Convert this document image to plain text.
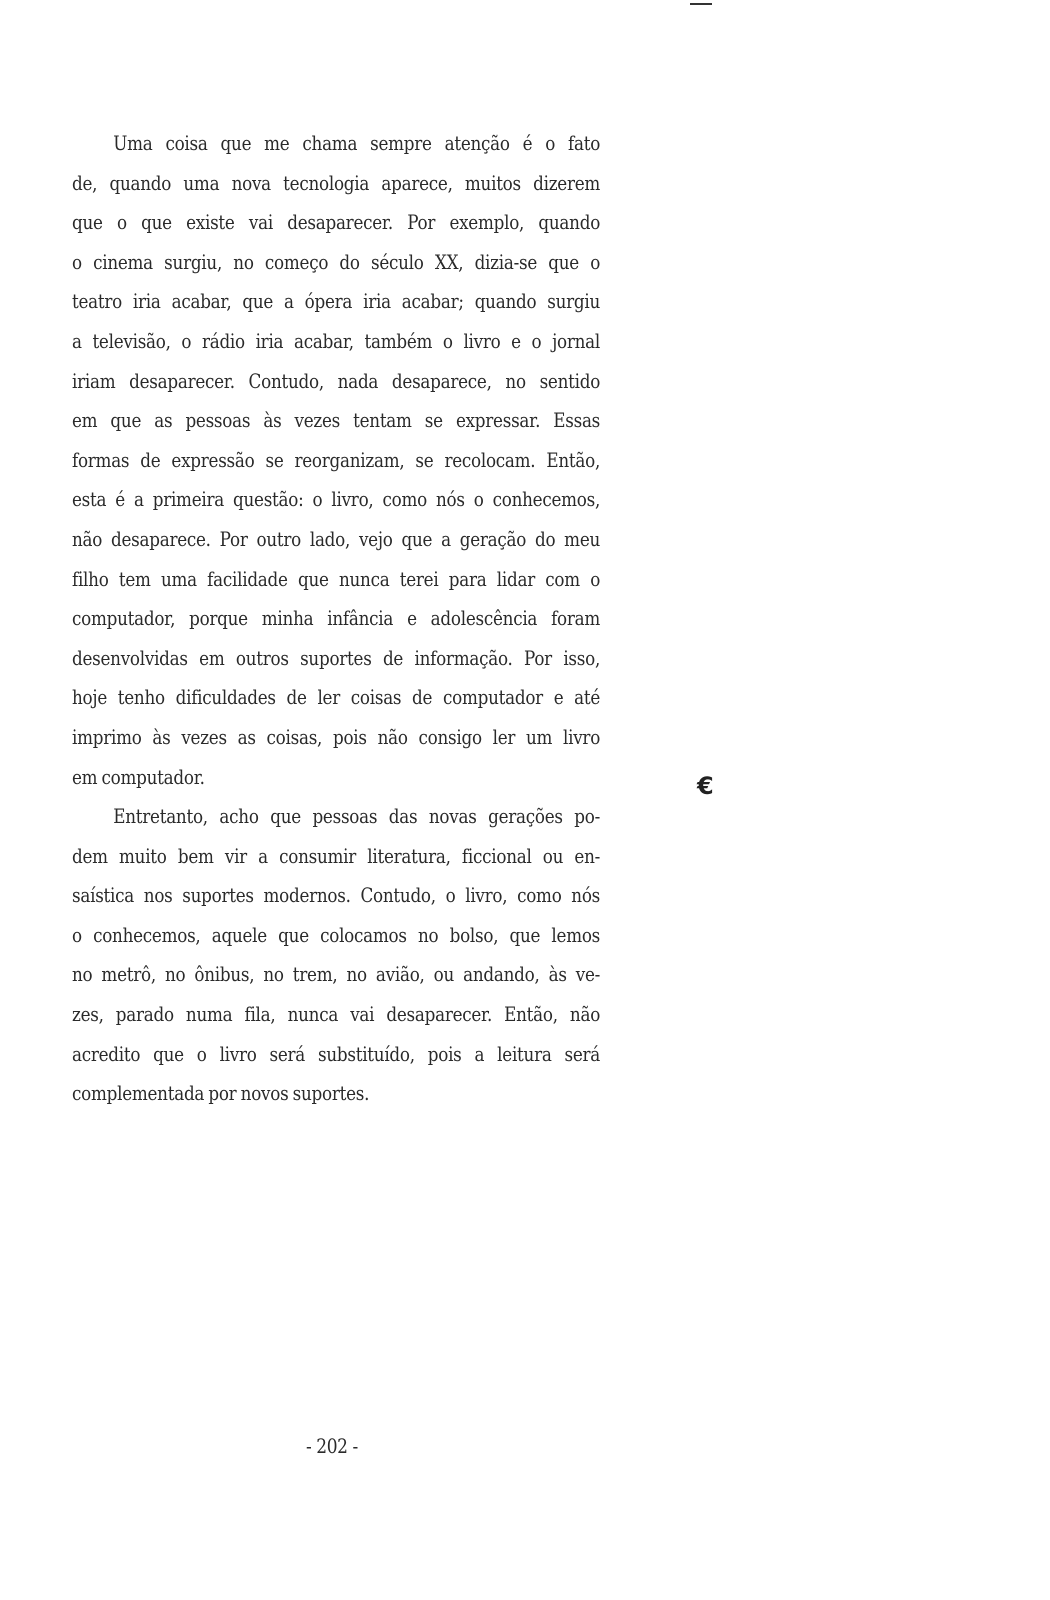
Uma coisa que me chama sempre atenção é o fato
de, quando uma nova tecnologia aparece, muitos dizerem
que o que existe vai desaparecer. Por exemplo, quando
o cinema surgiu, no começo do século XX, dizia-se que o
teatro iria acabar, que a ópera iria acabar; quando surgiu
a televisão, o rádio iria acabar, também o livro e o jornal
iriam desaparecer. Contudo, nada desaparece, no sentido
em que as pessoas às vezes tentam se expressar. Essas
formas de expressão se reorganizam, se recolocam. Então,
esta é a primeira questão: o livro, como nós o conhecemos,
não desaparece. Por outro lado, vejo que a geração do meu
filho tem uma facilidade que nunca terei para lidar com o
computador, porque minha infância e adolescência foram
desenvolvidas em outros suportes de informação. Por isso,
hoje tenho dificuldades de ler coisas de computador e até
imprimo às vezes as coisas, pois não consigo ler um livro
em computador.
Entretanto, acho que pessoas das novas gerações po-
dem muito bem vir a consumir literatura, ficcional ou en-
saística nos suportes modernos. Contudo, o livro, como nós
o conhecemos, aquele que colocamos no bolso, que lemos
no metrô, no ônibus, no trem, no avião, ou andando, às ve-
zes, parado numa fila, nunca vai desaparecer. Então, não
acredito que o livro será substituído, pois a leitura será
complementada por novos suportes.
€
- 202 -
